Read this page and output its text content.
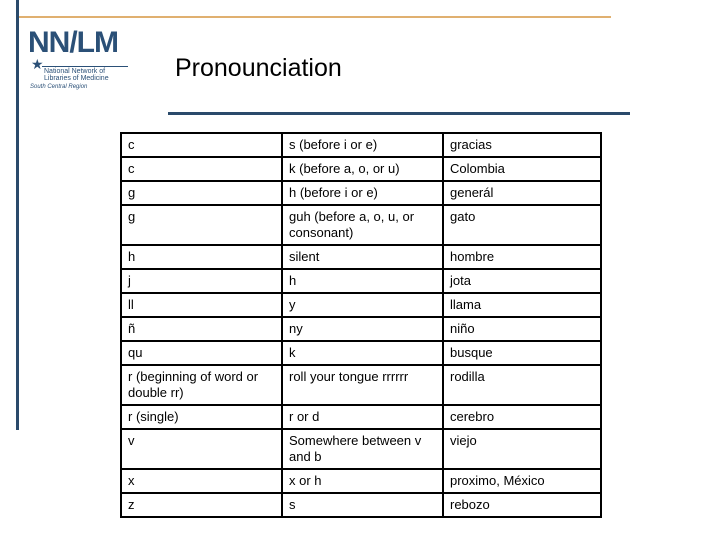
NN/LM
★ National Network of
Libraries of Medicine
South Central Region
Pronounciation
c	s (before i or e)	gracias
c	k (before a, o, or u)	Colombia
g	h (before i or e)	generál
g	guh (before a, o, u, or consonant)	gato
h	silent	hombre
j	h	jota
ll	y	llama
ñ	ny	niño
qu	k	busque
r (beginning of word or double rr)	roll your tongue rrrrrr	rodilla
r (single)	r or d	cerebro
v	Somewhere between v and b	viejo
x	x or h	proximo, México
z	s	rebozo
